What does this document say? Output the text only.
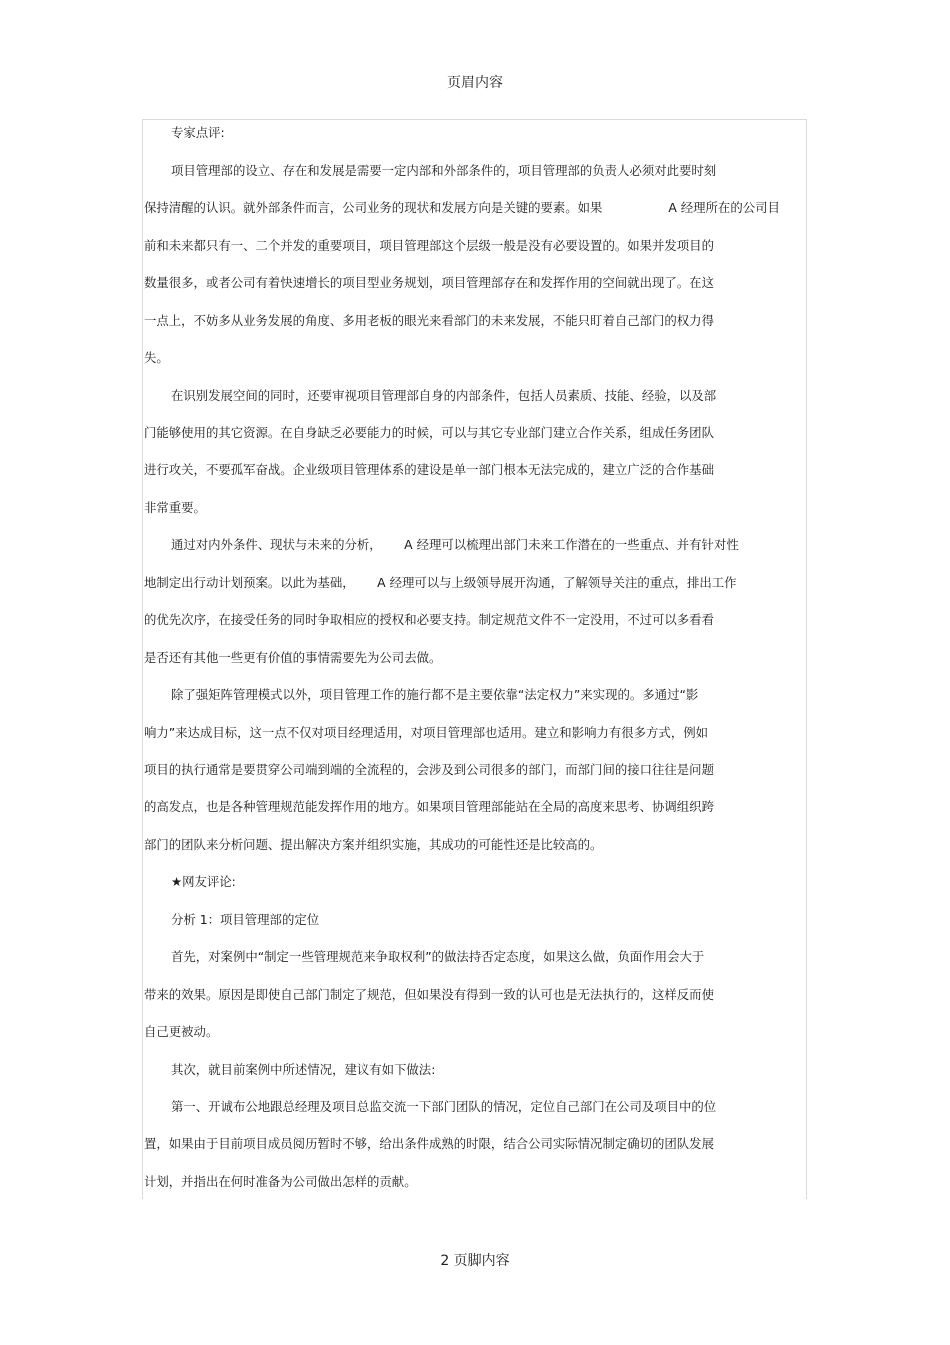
页眉内容
专家点评:
项目管理部的设立、存在和发展是需要一定内部和外部条件的，项目管理部的负责人必须对此要时刻
保持清醒的认识。就外部条件而言，公司业务的现状和发展方向是关键的要素。如果　　　　　 A 经理所在的公司目
前和未来都只有一、二个并发的重要项目，项目管理部这个层级一般是没有必要设置的。如果并发项目的
数量很多，或者公司有着快速增长的项目型业务规划，项目管理部存在和发挥作用的空间就出现了。在这
一点上，不妨多从业务发展的角度、多用老板的眼光来看部门的未来发展，不能只盯着自己部门的权力得
失。
在识别发展空间的同时，还要审视项目管理部自身的内部条件，包括人员素质、技能、经验，以及部
门能够使用的其它资源。在自身缺乏必要能力的时候，可以与其它专业部门建立合作关系，组成任务团队
进行攻关，不要孤军奋战。企业级项目管理体系的建设是单一部门根本无法完成的，建立广泛的合作基础
非常重要。
通过对内外条件、现状与未来的分析，　　 A 经理可以梳理出部门未来工作潜在的一些重点、并有针对性
地制定出行动计划预案。以此为基础，　　 A 经理可以与上级领导展开沟通，了解领导关注的重点，排出工作
的优先次序，在接受任务的同时争取相应的授权和必要支持。制定规范文件不一定没用，不过可以多看看
是否还有其他一些更有价值的事情需要先为公司去做。
除了强矩阵管理模式以外，项目管理工作的施行都不是主要依靠“法定权力”来实现的。多通过“影
响力”来达成目标，这一点不仅对项目经理适用，对项目管理部也适用。建立和影响力有很多方式，例如
项目的执行通常是要贯穿公司端到端的全流程的，会涉及到公司很多的部门，而部门间的接口往往是问题
的高发点，也是各种管理规范能发挥作用的地方。如果项目管理部能站在全局的高度来思考、协调组织跨
部门的团队来分析问题、提出解决方案并组织实施，其成功的可能性还是比较高的。
★网友评论:
分析 1：项目管理部的定位
首先，对案例中“制定一些管理规范来争取权利”的做法持否定态度，如果这么做，负面作用会大于
带来的效果。原因是即使自己部门制定了规范，但如果没有得到一致的认可也是无法执行的，这样反而使
自己更被动。
其次，就目前案例中所述情况，建议有如下做法:
第一、开诚布公地跟总经理及项目总监交流一下部门团队的情况，定位自己部门在公司及项目中的位
置，如果由于目前项目成员阅历暂时不够，给出条件成熟的时限，结合公司实际情况制定确切的团队发展
计划，并指出在何时准备为公司做出怎样的贡献。
2 页脚内容
